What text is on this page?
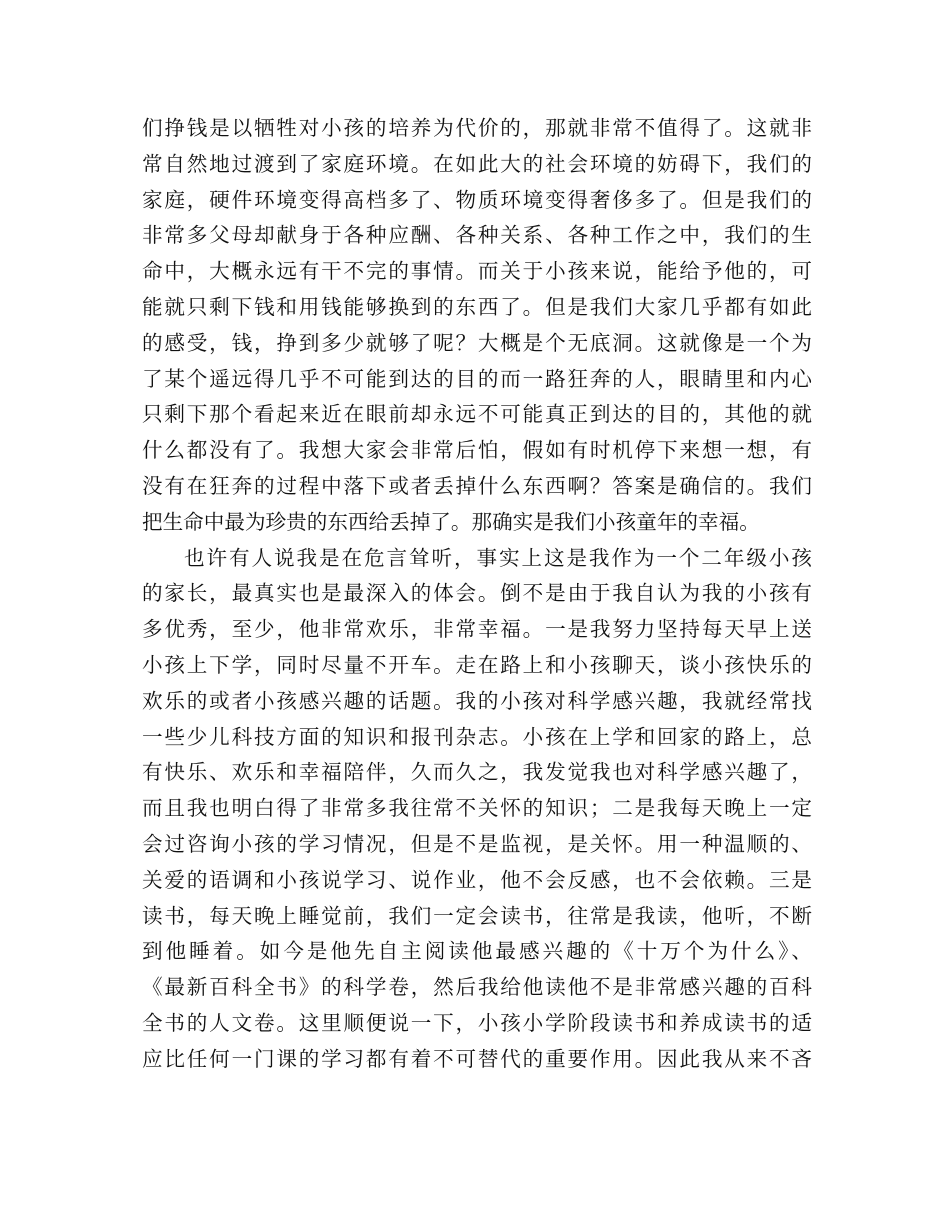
们挣钱是以牺牲对小孩的培养为代价的，那就非常不值得了。这就非
常自然地过渡到了家庭环境。在如此大的社会环境的妨碍下，我们的
家庭，硬件环境变得高档多了、物质环境变得奢侈多了。但是我们的
非常多父母却献身于各种应酬、各种关系、各种工作之中，我们的生
命中，大概永远有干不完的事情。而关于小孩来说，能给予他的，可
能就只剩下钱和用钱能够换到的东西了。但是我们大家几乎都有如此
的感受，钱，挣到多少就够了呢？大概是个无底洞。这就像是一个为
了某个遥远得几乎不可能到达的目的而一路狂奔的人，眼睛里和内心
只剩下那个看起来近在眼前却永远不可能真正到达的目的，其他的就
什么都没有了。我想大家会非常后怕，假如有时机停下来想一想，有
没有在狂奔的过程中落下或者丢掉什么东西啊？答案是确信的。我们
把生命中最为珍贵的东西给丢掉了。那确实是我们小孩童年的幸福。
也许有人说我是在危言耸听，事实上这是我作为一个二年级小孩
的家长，最真实也是最深入的体会。倒不是由于我自认为我的小孩有
多优秀，至少，他非常欢乐，非常幸福。一是我努力坚持每天早上送
小孩上下学，同时尽量不开车。走在路上和小孩聊天，谈小孩快乐的
欢乐的或者小孩感兴趣的话题。我的小孩对科学感兴趣，我就经常找
一些少儿科技方面的知识和报刊杂志。小孩在上学和回家的路上，总
有快乐、欢乐和幸福陪伴，久而久之，我发觉我也对科学感兴趣了，
而且我也明白得了非常多我往常不关怀的知识；二是我每天晚上一定
会过咨询小孩的学习情况，但是不是监视，是关怀。用一种温顺的、
关爱的语调和小孩说学习、说作业，他不会反感，也不会依赖。三是
读书，每天晚上睡觉前，我们一定会读书，往常是我读，他听，不断
到他睡着。如今是他先自主阅读他最感兴趣的《十万个为什么》、
《最新百科全书》的科学卷，然后我给他读他不是非常感兴趣的百科
全书的人文卷。这里顺便说一下，小孩小学阶段读书和养成读书的适
应比任何一门课的学习都有着不可替代的重要作用。因此我从来不吝
